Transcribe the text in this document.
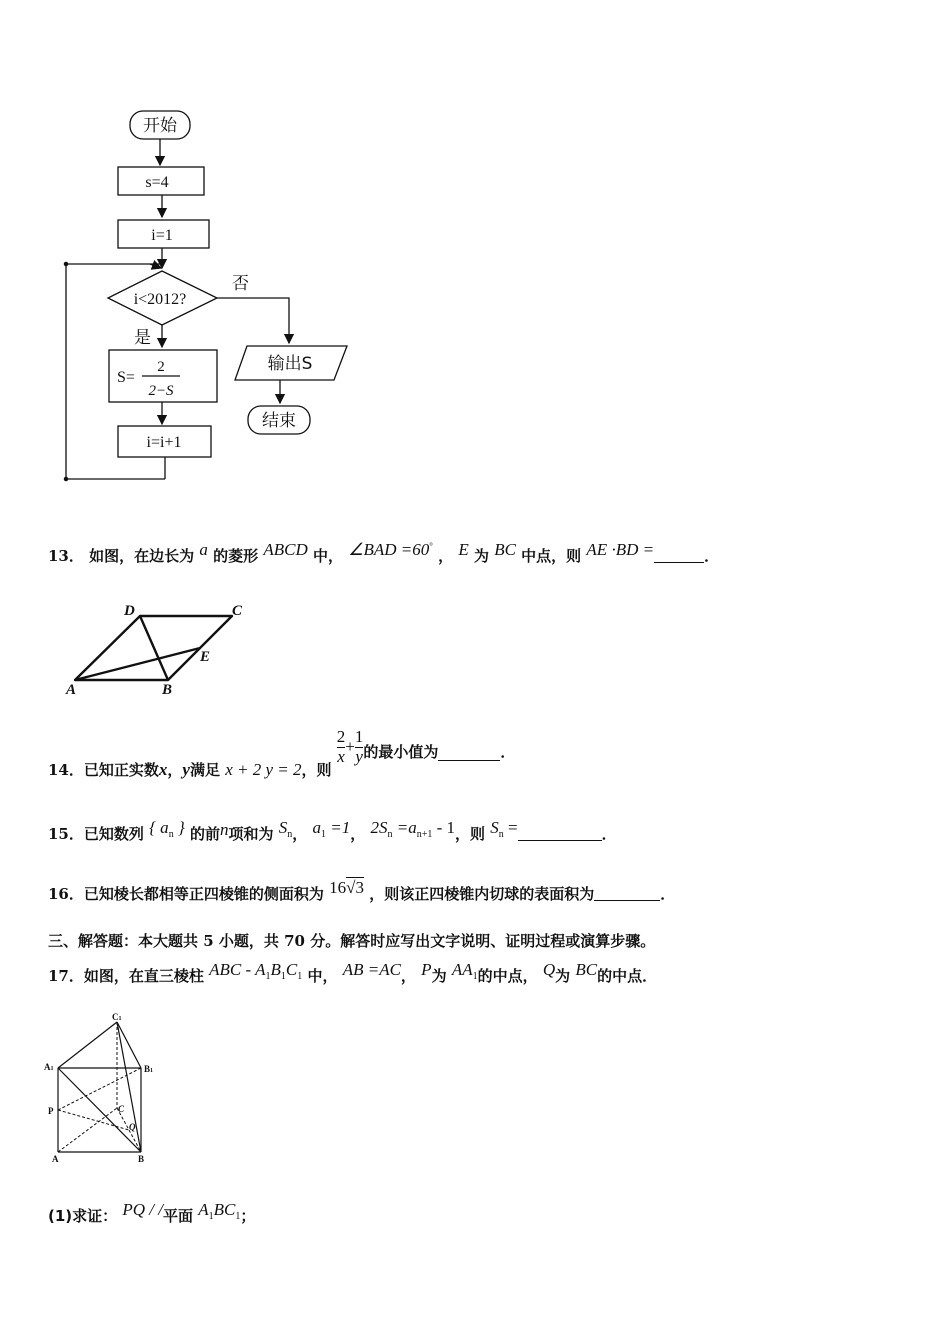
开始
s=4
i=1
i<2012?
否
是
S=
2
2−S
i=i+1
输出S
结束
13． 如图，在边长为 a 的菱形 ABCD 中， ∠BAD =60° ， E 为 BC 中点，则 AE ·BD =	．
D	C
E
A	B
14．已知正实数x，y满足 x + 2 y = 2，则
$\frac{2}{x} + \frac{1}{y}$ 的最小值为	．
15．已知数列 { $a_n$ } 的前n项和为 $S_n$， $a_1 =1$， $2S_n =a_{n+1} - 1$，则 $S_n$ =	．
16．已知棱长都相等正四棱锥的侧面积为 16√3 ，则该正四棱锥内切球的表面积为	．
三、解答题：本大题共 5 小题，共 70 分。解答时应写出文字说明、证明过程或演算步骤。
17．如图，在直三棱柱 ABC - $A_1B_1C_1$ 中， AB =AC， P为 $AA_1$的中点， Q为 BC的中点．
C1
A1	B1
P	C
Q
A	B
(1)求证： PQ / /平面 $A_1BC_1$；
